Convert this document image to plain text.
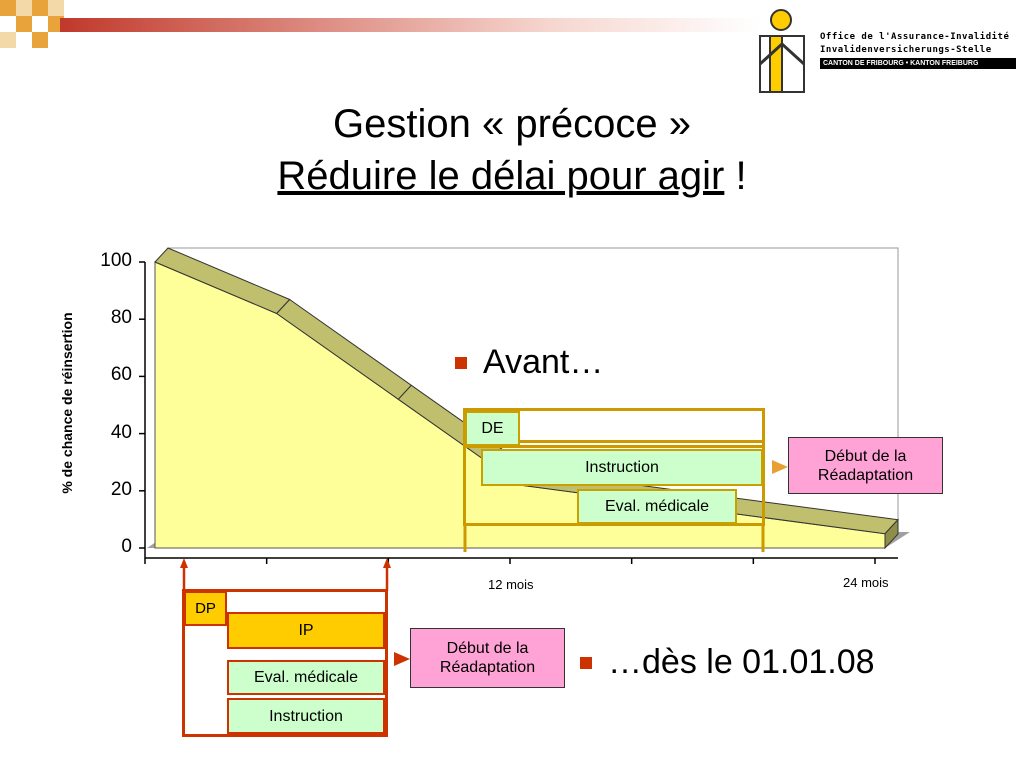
Office de l'Assurance-Invalidité
Invalidenversicherungs-Stelle
CANTON DE FRIBOURG • KANTON FREIBURG
Gestion « précoce »
Réduire le délai pour agir !
% de chance de réinsertion
0
20
40
60
80
100
12 mois	24 mois
Avant…
DE
Instruction
Eval. médicale
Début de la
Réadaptation
…dès le 01.01.08
DP
IP
Eval. médicale
Instruction
Début de la
Réadaptation
